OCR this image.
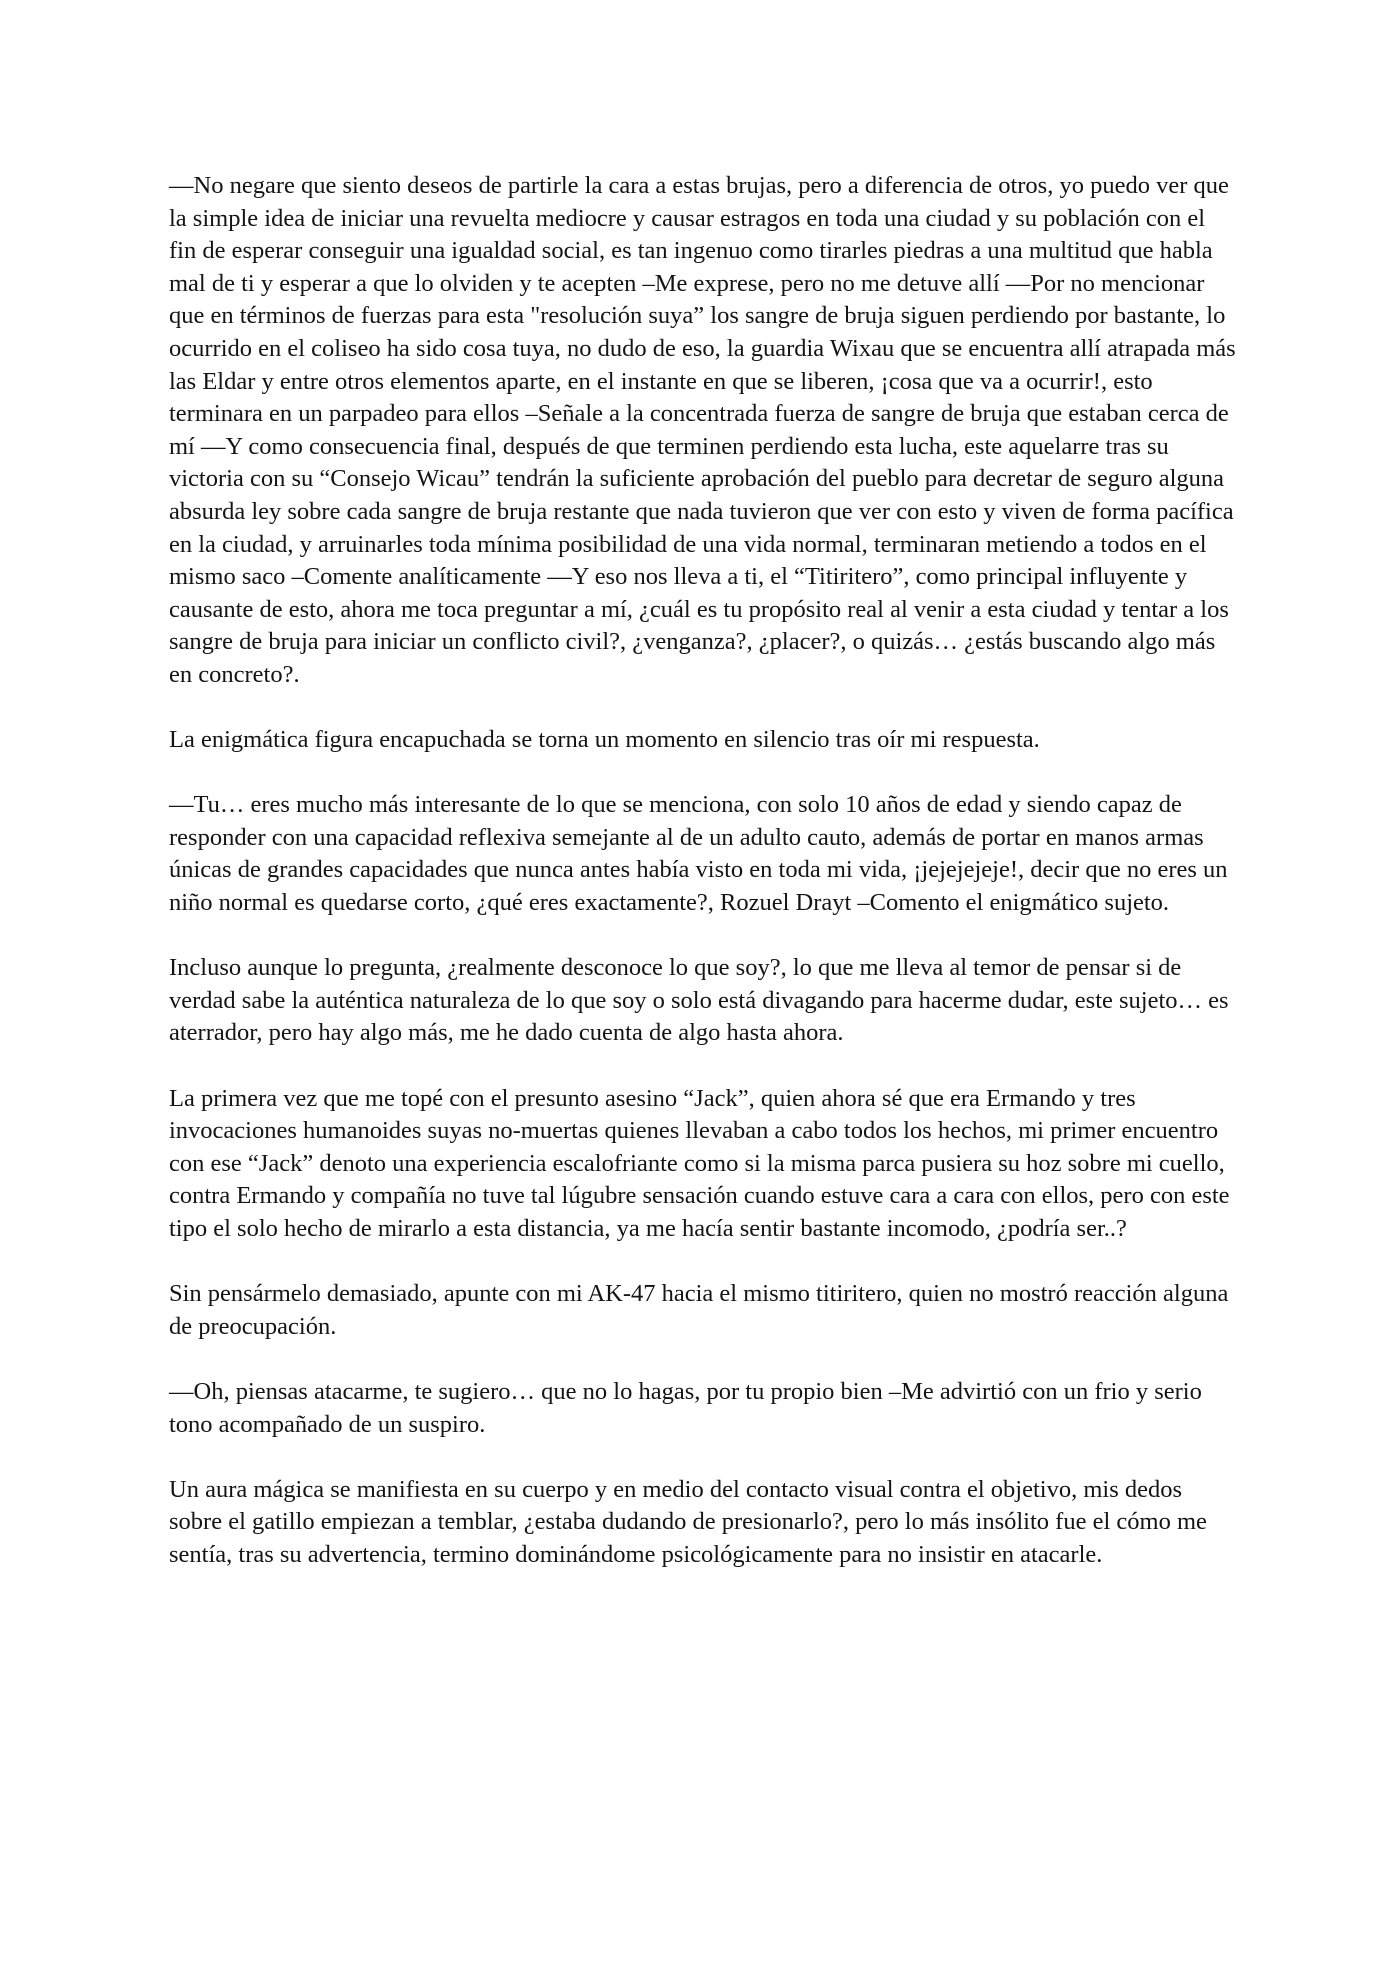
—No negare que siento deseos de partirle la cara a estas brujas, pero a diferencia de otros, yo puedo ver que la simple idea de iniciar una revuelta mediocre y causar estragos en toda una ciudad y su población con el fin de esperar conseguir una igualdad social, es tan ingenuo como tirarles piedras a una multitud que habla mal de ti y esperar a que lo olviden y te acepten –Me exprese, pero no me detuve allí —Por no mencionar que en términos de fuerzas para esta "resolución suya” los sangre de bruja siguen perdiendo por bastante, lo ocurrido en el coliseo ha sido cosa tuya, no dudo de eso, la guardia Wixau que se encuentra allí atrapada más las Eldar y entre otros elementos aparte, en el instante en que se liberen, ¡cosa que va a ocurrir!, esto terminara en un parpadeo para ellos –Señale a la concentrada fuerza de sangre de bruja que estaban cerca de mí —Y como consecuencia final, después de que terminen perdiendo esta lucha, este aquelarre tras su victoria con su “Consejo Wicau” tendrán la suficiente aprobación del pueblo para decretar de seguro alguna absurda ley sobre cada sangre de bruja restante que nada tuvieron que ver con esto y viven de forma pacífica en la ciudad, y arruinarles toda mínima posibilidad de una vida normal, terminaran metiendo a todos en el mismo saco –Comente analíticamente —Y eso nos lleva a ti, el “Titiritero”, como principal influyente y causante de esto, ahora me toca preguntar a mí, ¿cuál es tu propósito real al venir a esta ciudad y tentar a los sangre de bruja para iniciar un conflicto civil?, ¿venganza?, ¿placer?, o quizás… ¿estás buscando algo más en concreto?.

La enigmática figura encapuchada se torna un momento en silencio tras oír mi respuesta.

—Tu… eres mucho más interesante de lo que se menciona, con solo 10 años de edad y siendo capaz de responder con una capacidad reflexiva semejante al de un adulto cauto, además de portar en manos armas únicas de grandes capacidades que nunca antes había visto en toda mi vida, ¡jejejejeje!, decir que no eres un niño normal es quedarse corto, ¿qué eres exactamente?, Rozuel Drayt –Comento el enigmático sujeto.

Incluso aunque lo pregunta, ¿realmente desconoce lo que soy?, lo que me lleva al temor de pensar si de verdad sabe la auténtica naturaleza de lo que soy o solo está divagando para hacerme dudar, este sujeto… es aterrador, pero hay algo más, me he dado cuenta de algo hasta ahora.

La primera vez que me topé con el presunto asesino “Jack”, quien ahora sé que era Ermando y tres invocaciones humanoides suyas no-muertas quienes llevaban a cabo todos los hechos, mi primer encuentro con ese “Jack” denoto una experiencia escalofriante como si la misma parca pusiera su hoz sobre mi cuello, contra Ermando y compañía no tuve tal lúgubre sensación cuando estuve cara a cara con ellos, pero con este tipo el solo hecho de mirarlo a esta distancia, ya me hacía sentir bastante incomodo, ¿podría ser..?

Sin pensármelo demasiado, apunte con mi AK-47 hacia el mismo titiritero, quien no mostró reacción alguna de preocupación.

—Oh, piensas atacarme, te sugiero… que no lo hagas, por tu propio bien –Me advirtió con un frio y serio tono acompañado de un suspiro.

Un aura mágica se manifiesta en su cuerpo y en medio del contacto visual contra el objetivo, mis dedos sobre el gatillo empiezan a temblar, ¿estaba dudando de presionarlo?, pero lo más insólito fue el cómo me sentía, tras su advertencia, termino dominándome psicológicamente para no insistir en atacarle.
